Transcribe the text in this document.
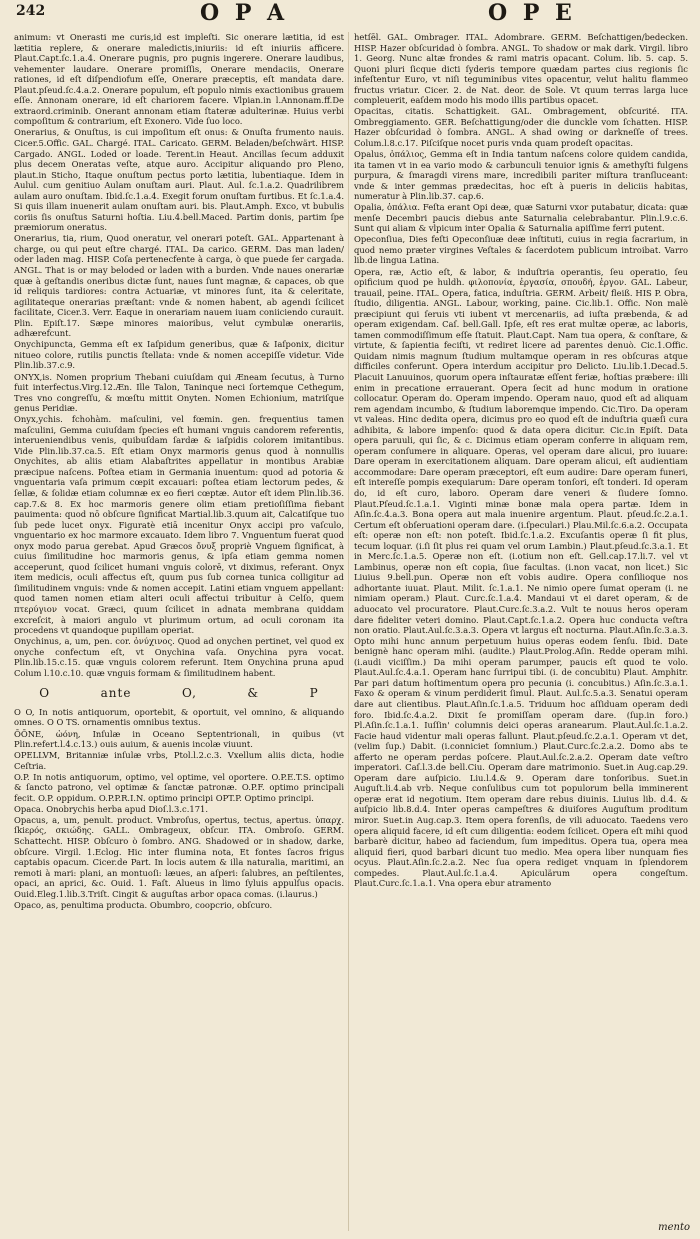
242	O P A	O P E

animum: vt Onerasti me curis,id est impleſti. Sic onerare lætitia, id est lætitia replere, & onerare maledictis,iniuriis: id eſt iniuriis afficere. Plaut.Capt.ſc.1.a.4. Onerare pugnis, pro pugnis ingerere. Onerare laudibus, vehementer laudare. Onerare promiſſis, Onerare mendaciis, Onerare rationes, id eſt diſpendiofum eſſe, Onerare præceptis, eſt mandata dare. Plaut.pſeud.ſc.4.a.2. Onerare populum, eſt populo nimis exactionibus grauem eſſe. Annonam onerare, id eſt chariorem facere. Vlpian.in l.Annonam.ff.De extraord.criminib. Onerant annonam etiam ſtateræ adulterinæ. Huius verbi compoſitum & contrarium, eſt Exonero. Vide ſuo loco.

Onerarius, & Onuſtus, is cui impoſitum eſt onus: & Onuſta frumento nauis. Cicer.5.Offic. GAL. Chargé. ITAL. Caricato. GERM. Beladen/beſchwärt. HISP. Cargado. ANGL. Loded or loade. Terent.in Heaut. Ancillas ſecum adduxit plus decem Oneratas veſte, atque auro. Accipitur aliquando pro Pleno, plaut.in Sticho, Itaque onuſtum pectus porto lætitia, lubentiaque. Idem in Aulul. cum genitiuo Aulam onuſtam auri. Plaut. Aul. ſc.1.a.2. Quadrilibrem aulam auro onuſtam. Ibid.ſc.1.a.4. Exegit forum onuſtam furtibus. Et ſc.1.a.4. Si quis illam inuenerit aulam onuſtam auri. bis. Plaut.Amph. Exco, vt bubulis coriis ſis onuſtus Saturni hoſtia. Liu.4.bell.Maced. Partim donis, partim ſpe præmiorum oneratus.

Onerarius, tia, rium, Quod oneratur, vel onerari poteſt. GAL. Appartenant à charge, ou qui peut eſtre chargé. ITAL. Da carico. GERM. Das man laden/ oder laden mag. HISP. Coſa pertenecfente à carga, ò que puede ſer cargada. ANGL. That is or may beloded or laden with a burden. Vnde naues onerariæ quæ à geſtandis oneribus dictæ ſunt, naues ſunt magnæ, & capaces, ob que id reliquis tardiores: contra Actuariæ, vt minores ſunt, ita & celeritate, agilitateque onerarias præſtant: vnde & nomen habent, ab agendi ſcilicet facilitate, Cicer.3. Verr. Eaque in onerariam nauem iuam coniiciendo curauit. Plin. Epiſt.17. Sæpe minores maioribus, velut cymbulæ onerariis, adhærefcunt.

Onychipuncta, Gemma eſt ex Iaſpidum generibus, quæ & Iaſponix, dicitur nitueo colore, rutilis punctis ſtellata: vnde & nomen accepiſſe videtur. Vide Plin.lib.37.c.9.

ONYX,is. Nomen proprium Thebani cuiuſdam qui Æneam ſecutus, à Turno fuit interfectus.Virg.12.Æn. Ille Talon, Taninque neci ſortemque Cethegum, Tres vno congreſſu, & mœſtu mittit Onyten. Nomen Echionium, matriſque genus Peridiæ.

Onyx,ychis. fchohàm. maſculini, vel fœmin. gen. frequentius tamen maſculini, Gemma cuiuſdam ſpecies eſt humani vnguis candorem referentis, interueniendibus venis, quibuſdam ſardæ & iaſpidis colorem imitantibus. Vide Plin.lib.37.ca.5. Eſt etiam Onyx marmoris genus quod à nonnullis Onychites, ab aliis etiam Alabaſtrites appellatur in montibus Arabiæ præcipue naſcens. Poſtea etiam in Germania inuentum: quod ad potoria & vnguentaria vaſa primum cœpit excauari: poſtea etiam lectorum pedes, & ſellæ, & ſolidæ etiam columnæ ex eo fieri cœptæ. Autor eſt idem Plin.lib.36. cap.7.& 8. Ex hoc marmoris genere olim etiam pretioſiſſima fiebant pauimenta: quod nō obſcure ſignificat Martial.lib.3.quum ait, Calcatiſque tuo ſub pede lucet onyx. Figuratè etiā incenitur Onyx accipi pro vaſculo, vnguentario ex hoc marmore excauato. Idem libro 7. Vnguentum fuerat quod onyx modo parua gerebat. Apud Græcos ὄνυξ propriè Vnguem ſignificat, à cuius ſimilitudine hoc marmoris genus, & ipſa etiam gemma nomen acceperunt, quod ſcilicet humani vnguis colorē, vt diximus, referant. Onyx item medicis, oculi affectus eſt, quum pus ſub cornea tunica colligitur ad ſimilitudinem vnguis: vnde & nomen accepit. Latini etiam vnguem appellant: quod tamen nomen etiam alteri oculi affectui tribuitur à Celſo, quem πτερύγιον vocat. Græci, quum ſcilicet in adnata membrana quiddam excreſcit, à maiori angulo vt plurimum ortum, ad oculi coronam ita procedens vt quandoque pupillam operiat.

Onychinus, a, um, pen. cor. ὀνύχινος. Quod ad onychen pertinet, vel quod ex onyche confectum eſt, vt Onychina vaſa. Onychina pyra vocat. Plin.lib.15.c.15. quæ vnguis colorem referunt. Item Onychina pruna apud Colum l.10.c.10. quæ vnguis formam & ſimilitudinem habent.

O	ante	O,	&	P

O O, In notis antiquorum, oportebit, & oportuit, vel omnino, & aliquando omnes. O O TS. ornamentis omnibus textus.

ŌŌNE, ὠόνη, Inſulæ in Oceano Septentrionali, in quibus (vt Plin.refert.l.4.c.13.) ouis auium, & auenis incolæ viuunt.

OPELLVM, Britanniæ inſulæ vrbs, Ptol.l.2.c.3. Vxellum aliis dicta, hodie Ceſtria.

O.P. In notis antiquorum, optimo, vel optime, vel oportere. O.P.E.T.S. optimo & ſancto patrono, vel optimæ & ſanctæ patronæ. O.P.F. optimo principali fecit. O.P. oppidum. O.P.P.R.I.N. optimo principi OPT.P. Optimo principi.

Opaca. Onobrychis herba apud Dioſ.l.3.c.171.

Opacus, a, um, penult. product. Vmbroſus, opertus, tectus, apertus. ὑπαρχ. ſkiερός, σκιώδης. GALL. Ombrageux, obſcur. ITA. Ombroſo. GERM. Schattecht. HISP. Obſcuro ò ſombro. ANG. Shadowed or in shadow, darke, obſcure. Virgil. 1.Eclog. Hic inter flumina nota, Et fontes ſacros frigus captabis opacum. Cicer.de Part. In locis autem & illa naturalia, maritimi, an remoti à mari: plani, an montuoſi: læues, an aſperi: ſalubres, an peſtilentes, opaci, an aprici, &c. Ouid. 1. Faſt. Alueus in limo ſyluis appulſus opacis. Ouid.Eleg.1.lib.3.Triſt. Cingit & auguſtas arbor opaca comas. (i.laurus.)

Opaco, as, penultima producta. Obumbro, coopcrio, obſcuro.

hetſēl. GAL. Ombrager. ITAL. Adombrare. GERM. Beſchattigen/bedecken. HISP. Hazer obſcuridad ò ſombra. ANGL. To shadow or mak dark. Virgil. libro 1. Georg. Nunc altæ frondes & rami matris opacant. Colum. lib. 5. cap. 5. Quoni pluri ſicque dicti ſyderis tempore quædam partes cius regionis ſic infeſtentur Euro, vt niſi teguminibus vites opacentur, velut halitu flammeo fructus vriatur. Cicer. 2. de Nat. deor. de Sole. Vt quum terras larga luce compleuerit, eaſdem modo his modo illis partibus opacet.

Opacitas, citatis. Schattigkeit. GAL. Ombragement, obſcurité. ITA. Ombreggiamento. GER. Beſchattigung/oder die dunckle vom ſchatten. HISP. Hazer obſcuridad ò ſombra. ANGL. A shad owing or darkneſſe of trees. Colum.l.8.c.17. Piſciſque nocet puris vnda quam prodeſt opacitas.

Opalus, ὀπάλιος, Gemma eſt in India tantum naſcens colore quidem candida, ita tamen vt in ea vario modo & carbunculi tenuior ignis & amethyſti fulgens purpura, & ſmaragdi virens mare, incredibili pariter miſtura tranſluceant: vnde & inter gemmas prædecitas, hoc eſt à pueris in deliciis habitas, numeratur à Plin.lib.37. cap.6.

Opalia, ὀπάλια. Feſta erant Opi deæ, quæ Saturni vxor putabatur, dicata: quæ menſe Decembri paucis diebus ante Saturnalia celebrabantur. Plin.l.9.c.6. Sunt qui aliam & vlpicum inter Opalia & Saturnalia apiſſime ferri putent.

Opeconſiua, Dies feſti Opeconſiuæ deæ inſtituti, cuius in regia ſacrarium, in quod nemo præter virgines Veſtales & ſacerdotem publicum introibat. Varro lib.de lingua Latina.

Opera, ræ, Actio eſt, & labor, & induſtria operantis, ſeu operatio, ſeu opificium quod pe huldh. φιλοπονία, ἐργασία, σπουδή, ἐργον. GAL. Labeur, trauail, peine. ITAL. Opera, fatica, induſtria. GERM. Arbeit/ fleiß. HIS P. Obra, ſtudio, diligentia. ANGL. Labour, working, paine. Cic.lib.1. Offic. Non malè præcipiunt qui ſeruis vti iubent vt mercenariis, ad iuſta præbenda, & ad operam exigendam. Caſ. bell.Gall. Ipſe, eſt res erat multæ operæ, ac laboris, tamen commodiſſimum eſſe ſtatuit. Plaut.Capt. Nam tua opera, & conſtare, & virtute, & ſapientia feciſti, vt rediret licere ad parentes denuò. Cic.1.Offic. Quidam nimis magnum ſtudium multamque operam in res obſcuras atque difficiles conferunt. Opera interdum accipitur pro Delicto. Liu.lib.1.Decad.5. Placuit Lanuuinos, quorum opera inſtauratæ eſſent feriæ, hoſtias præbere: illi enim in precatione errauerant. Opera ſecit ad hunc modum in oratione collocatur. Operam do. Operam impendo. Operam nauo, quod eſt ad aliquam rem agendam incumbo, & ſtudium laboremque impendo. Cic.Tiro. Da operam vt valeas. Hinc dedita opera, dicimus pro eo quod eſt de induſtria quæſi cura adhibita, & labore impenſo: quod & data opera dicitur. Cic.in Epiſt. Data opera paruuli, qui ſic, & c. Dicimus etiam operam conferre in aliquam rem, operam conſumere in aliquare. Operas, vel operam dare alicui, pro iuuare: Dare operam in exercitationem aliquam. Dare operam alicui, eſt audientiam accommodare: Dare operam præceptori, eſt eum audire: Dare operam funeri, eſt intereſſe pompis exequiarum: Dare operam tonſori, eſt tonderi. Id operam do, id eſt curo, laboro. Operam dare veneri & ſiudere ſomno. Plaut.Pſeud.ſc.1.a.1. Viginti minæ bonæ mala opera partæ. Idem in Aſin.ſc.4.a.3. Bona opera aut mala inuenire argentum. Plaut. pſeud.ſc.2.a.1. Certum eſt obſeruationi operam dare. (i.ſpeculari.) Plau.Mil.ſc.6.a.2. Occupata eſt: operæ non eſt: non poteſt. Ibid.ſc.1.a.2. Excuſantis operæ ſi fit plus, tecum loquar. (i.ſi ſit plus rei quam vel orum Lambin.) Plaut.pſeud.ſc.3.a.1. Et in Merc.ſc.1.a.5. Operæ non eſt. (i.otium non eſt. Gell.cap.17.li.7. vel vt Lambinus, operæ non eſt copia, ſiue facultas. (i.non vacat, non licet.) Sic Liuius 9.bell.pun. Operæ non eſt vobis audire. Opera conſilioque nos adhortante iuuat. Plaut. Milit. ſc.1.a.1. Ne nimio opere ſumat operam (i. ne nimiam operam.) Plaut. Curc.ſc.1.a.4. Mandaui vt ei daret operam, & de aduocato vel procuratore. Plaut.Curc.ſc.3.a.2. Vult te nouus heros operam dare fideliter veteri domino. Plaut.Capt.ſc.1.a.2. Opera huc conducta veſtra non oratio. Plaut.Aul.ſc.3.a.3. Opera vt largus eſt nocturna. Plaut.Aſin.ſc.3.a.3. Opto mihi hunc annum perpetuum huius operas eodem ſenſu. Ibid. Date benignè hanc operam mihi. (audite.) Plaut.Prolog.Aſin. Redde operam mihi. (i.audi viciſſim.) Da mihi operam parumper, paucis eſt quod te volo. Plaut.Aul.ſc.4.a.1. Operam hanc ſurripui tibi. (i. de concubitu) Plaut. Amphitr. Par pari datum hoſtimentum opera pro pecunia (i. concubitus.) Aſin.ſc.3.a.1. Faxo & operam & vinum perdiderit ſimul. Plaut. Aul.ſc.5.a.3. Senatui operam dare aut clientibus. Plaut.Aſin.ſc.1.a.5. Triduum hoc aſſiduam operam dedi foro. Ibid.ſc.4.a.2. Dixit ſe promiſſam operam dare. (ſup.in foro.) Pl.Aſin.ſc.1.a.1. Iuſſin' columnis deici operas aranearum. Plaut.Aul.ſc.1.a.2. Facie haud videntur mali operas fallunt. Plaut.pſeud.ſc.2.a.1. Operam vt det, (velim ſup.) Dabit. (i.conniciet ſomnium.) Plaut.Curc.ſc.2.a.2. Domo abs te afferto ne operam perdas poſcere. Plaut.Aul.ſc.2.a.2. Operam date veſtro imperatori. Caſ.l.3.de bell.Ciu. Operam dare matrimonio. Suet.in Aug.cap.29. Operam dare auſpicio. Liu.l.4.& 9. Operam dare tonſoribus. Suet.in Auguſt.li.4.ab vrb. Neque conſulibus cum tot populorum bella imminerent operæ erat id negotium. Item operam dare rebus diuinis. Liuius lib. d.4. & auſpicio lib.8.d.4. Inter operas campeſtres & diuiſores Auguſtum proditum miror. Suet.in Aug.cap.3. Item opera forenſis, de vili aduocato. Taedens vero opera aliquid facere, id eſt cum diligentia: eodem ſcilicet. Opera eſt mihi quod barbarè dicitur, habeo ad faciendum, ſum impeditus. Opera tua, opera mea aliquid fieri, quod barbari dicunt tuo medio. Mea opera liber nunquam fies ocyus. Plaut.Aſin.ſc.2.a.2. Nec ſua opera rediget vnquam in ſplendorem compedes. Plaut.Aul.ſc.1.a.4. Apiculärum opera congeſtum. Plaut.Curc.ſc.1.a.1. Vna opera ebur atramento

mento
